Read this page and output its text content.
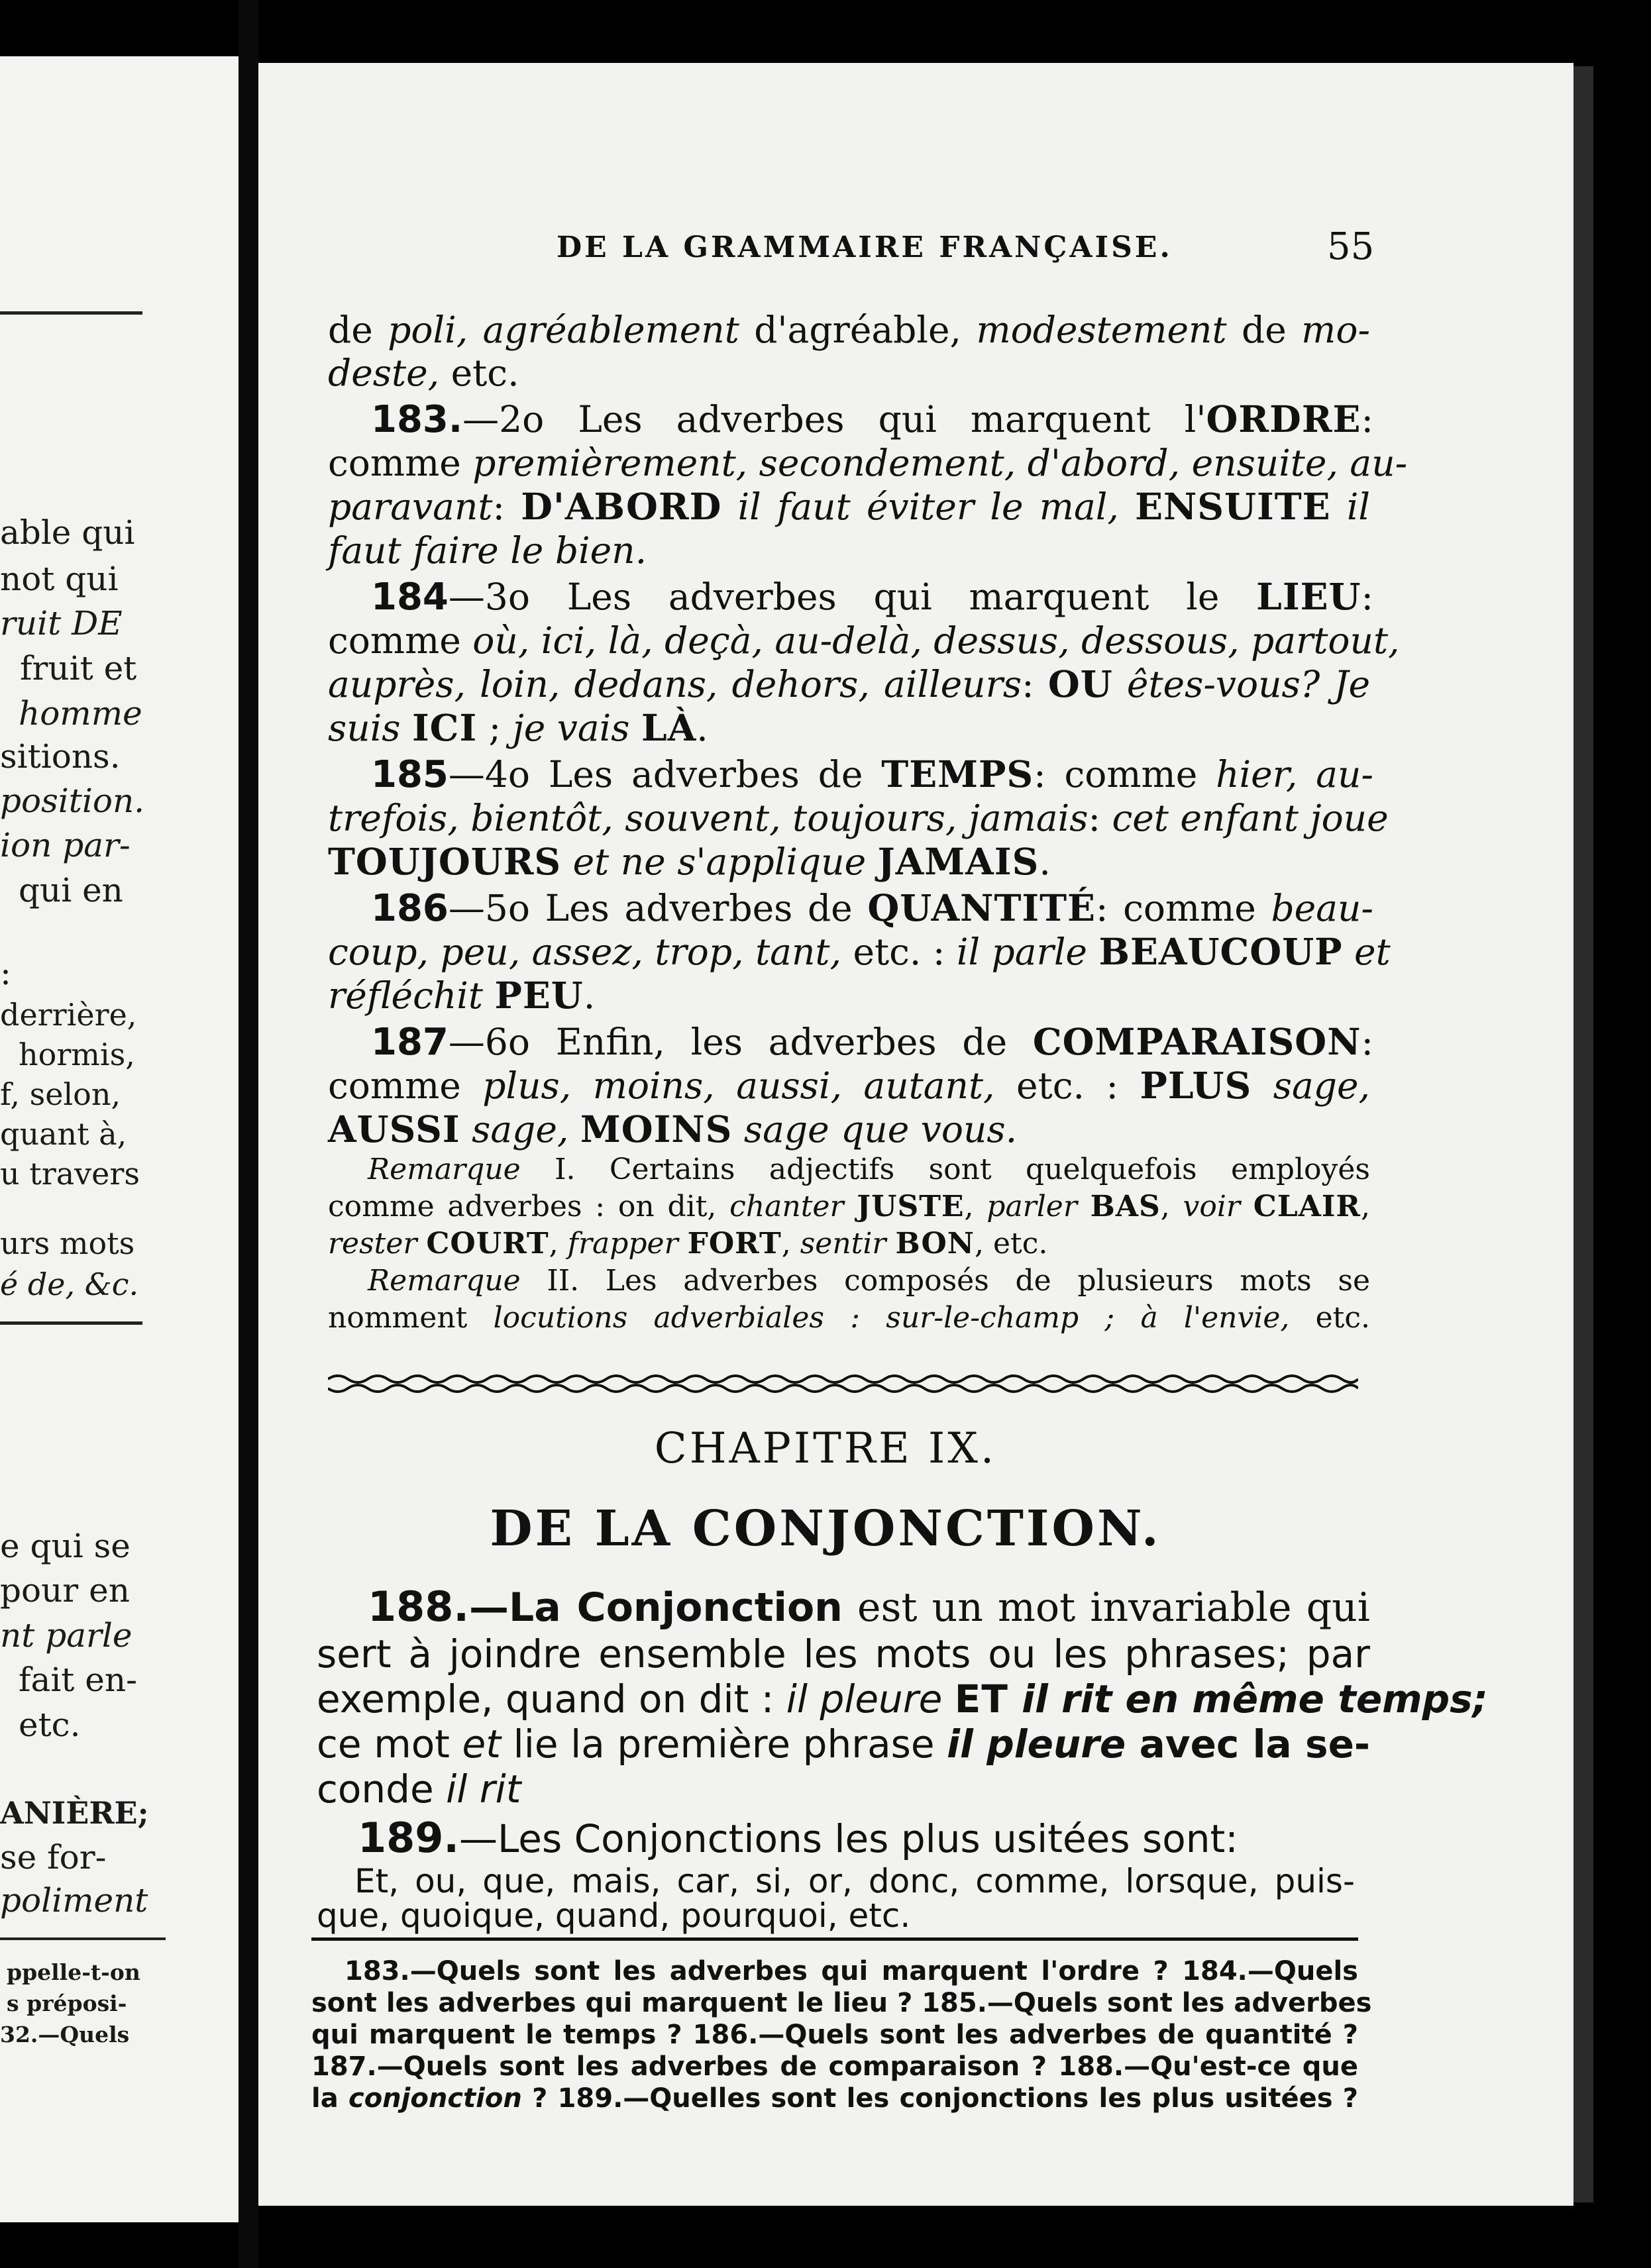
able qui
not qui
ruit DE
fruit et
homme
sitions.
position.
ion par-
qui en
:
derrière,
hormis,
f, selon,
quant à,
u travers
urs mots
é de, &c.
e qui se
pour en
nt parle
fait en-
etc.
ANIÈRE;
se for-
poliment
ppelle-t-on
s préposi-
32.—Quels
DE LA GRAMMAIRE FRANÇAISE.	55
de poli, agréablement d'agréable, modestement de mo-
deste, etc.
183.—2o Les adverbes qui marquent l'ORDRE:
comme premièrement, secondement, d'abord, ensuite, au-
paravant: D'ABORD il faut éviter le mal, ENSUITE il
faut faire le bien.
184—3o Les adverbes qui marquent le LIEU:
comme où, ici, là, deçà, au-delà, dessus, dessous, partout,
auprès, loin, dedans, dehors, ailleurs: OU êtes-vous? Je
suis ICI ; je vais LÀ.
185—4o Les adverbes de TEMPS: comme hier, au-
trefois, bientôt, souvent, toujours, jamais: cet enfant joue
TOUJOURS et ne s'applique JAMAIS.
186—5o Les adverbes de QUANTITÉ: comme beau-
coup, peu, assez, trop, tant, etc. : il parle BEAUCOUP et
réfléchit PEU.
187—6o Enfin, les adverbes de COMPARAISON:
comme plus, moins, aussi, autant, etc. : PLUS sage,
AUSSI sage, MOINS sage que vous.
Remarque I. Certains adjectifs sont quelquefois employés
comme adverbes : on dit, chanter JUSTE, parler BAS, voir CLAIR,
rester COURT, frapper FORT, sentir BON, etc.
Remarque II. Les adverbes composés de plusieurs mots se
nomment locutions adverbiales : sur-le-champ ; à l'envie, etc.
CHAPITRE IX.
DE LA CONJONCTION.
188.—La Conjonction est un mot invariable qui
sert à joindre ensemble les mots ou les phrases; par
exemple, quand on dit : il pleure ET il rit en même temps;
ce mot et lie la première phrase il pleure avec la se-
conde il rit
189.—Les Conjonctions les plus usitées sont:
Et, ou, que, mais, car, si, or, donc, comme, lorsque, puis-
que, quoique, quand, pourquoi, etc.
183.—Quels sont les adverbes qui marquent l'ordre ? 184.—Quels
sont les adverbes qui marquent le lieu ? 185.—Quels sont les adverbes
qui marquent le temps ? 186.—Quels sont les adverbes de quantité ?
187.—Quels sont les adverbes de comparaison ? 188.—Qu'est-ce que
la conjonction ? 189.—Quelles sont les conjonctions les plus usitées ?
